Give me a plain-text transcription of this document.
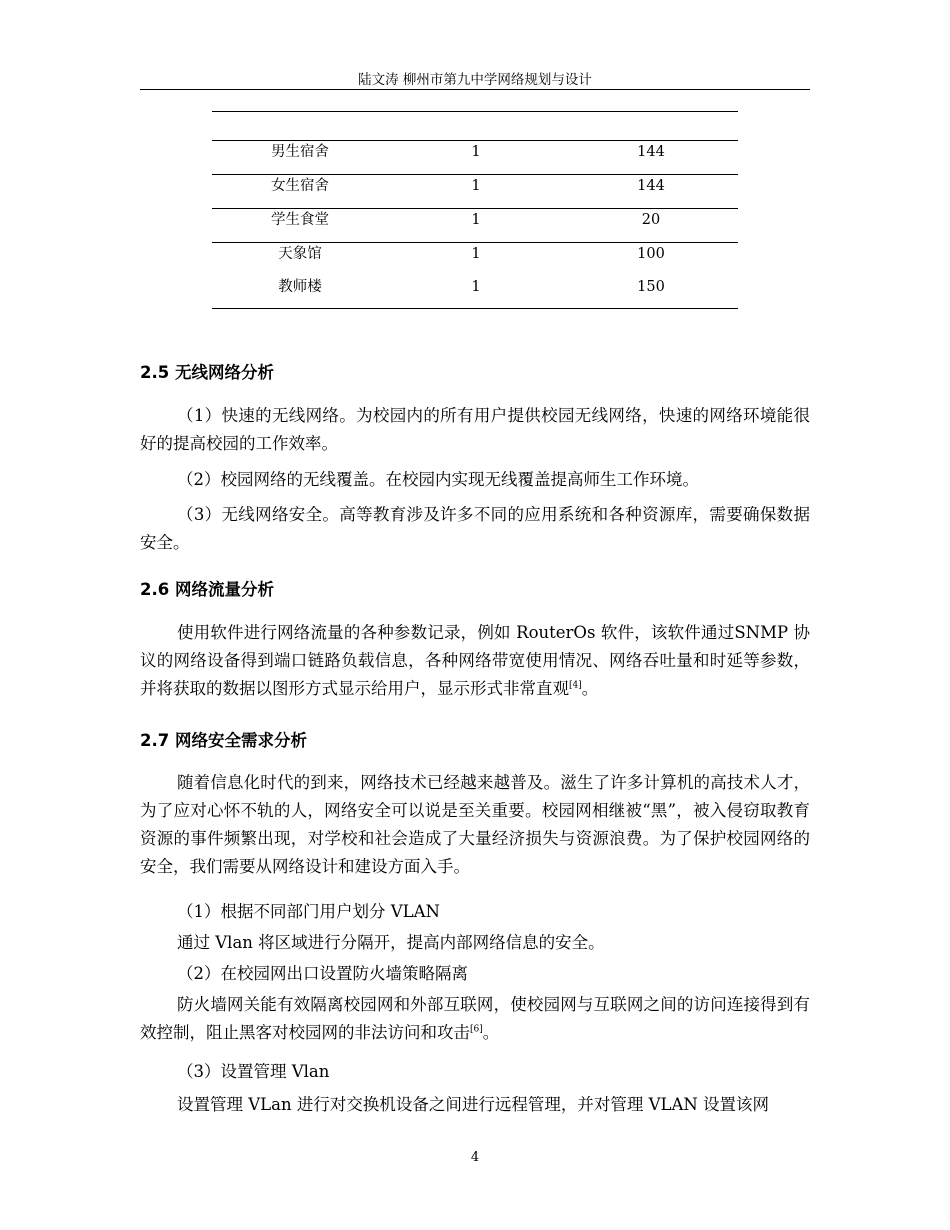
陆文涛 柳州市第九中学网络规划与设计
男生宿舍	1	144
女生宿舍	1	144
学生食堂	1	20
天象馆	1	100
教师楼	1	150
2.5 无线网络分析
（1）快速的无线网络。为校园内的所有用户提供校园无线网络，快速的网络环境能很好的提高校园的工作效率。
（2）校园网络的无线覆盖。在校园内实现无线覆盖提高师生工作环境。
（3）无线网络安全。高等教育涉及许多不同的应用系统和各种资源库，需要确保数据安全。
2.6 网络流量分析
使用软件进行网络流量的各种参数记录，例如 RouterOs 软件，该软件通过SNMP 协议的网络设备得到端口链路负载信息，各种网络带宽使用情况、网络吞吐量和时延等参数，并将获取的数据以图形方式显示给用户，显示形式非常直观[4]。
2.7 网络安全需求分析
随着信息化时代的到来，网络技术已经越来越普及。滋生了许多计算机的高技术人才，为了应对心怀不轨的人，网络安全可以说是至关重要。校园网相继被“黑”，被入侵窃取教育资源的事件频繁出现，对学校和社会造成了大量经济损失与资源浪费。为了保护校园网络的安全，我们需要从网络设计和建设方面入手。
（1）根据不同部门用户划分 VLAN
通过 Vlan 将区域进行分隔开，提高内部网络信息的安全。
（2）在校园网出口设置防火墙策略隔离
防火墙网关能有效隔离校园网和外部互联网，使校园网与互联网之间的访问连接得到有效控制，阻止黑客对校园网的非法访问和攻击[6]。
（3）设置管理 Vlan
设置管理 VLan 进行对交换机设备之间进行远程管理，并对管理 VLAN 设置该网
4
